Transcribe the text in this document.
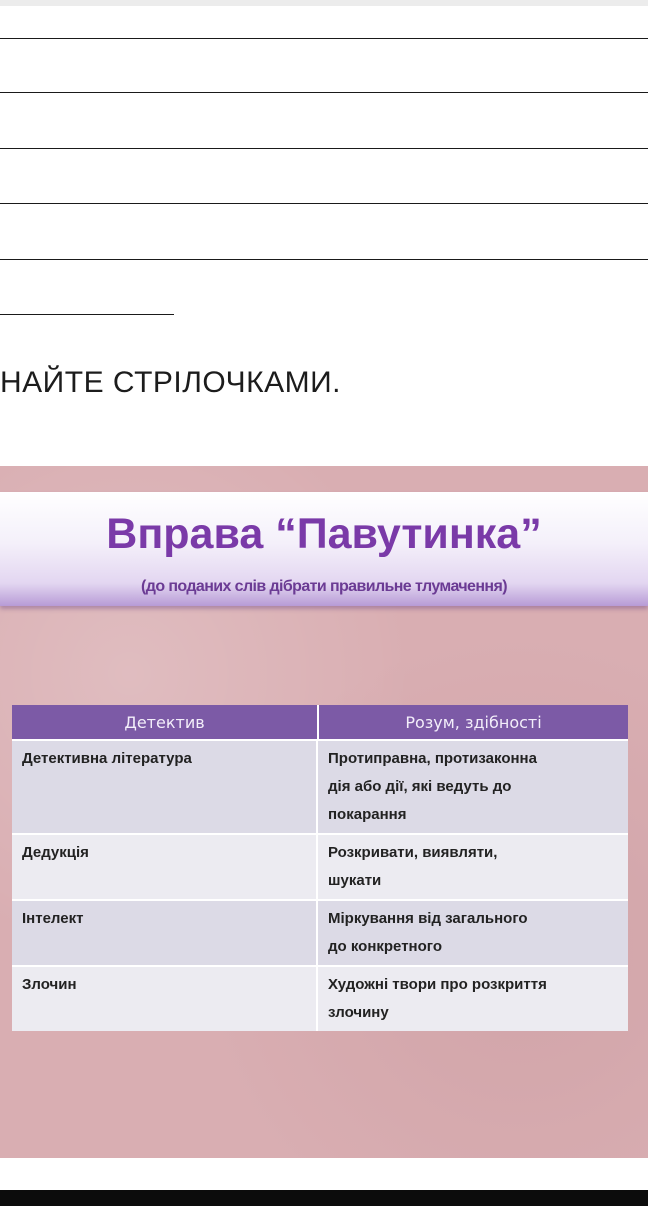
НАЙТЕ СТРІЛОЧКАМИ.
Вправа “Павутинка”
(до поданих слів дібрати правильне тлумачення)
Детектив	Розум, здібності
Детективна література	Протиправна, протизаконна
дія або дії, які ведуть до
покарання
Дедукція	Розкривати, виявляти,
шукати
Інтелект	Міркування від загального
до конкретного
Злочин	Художні твори про розкриття
злочину
